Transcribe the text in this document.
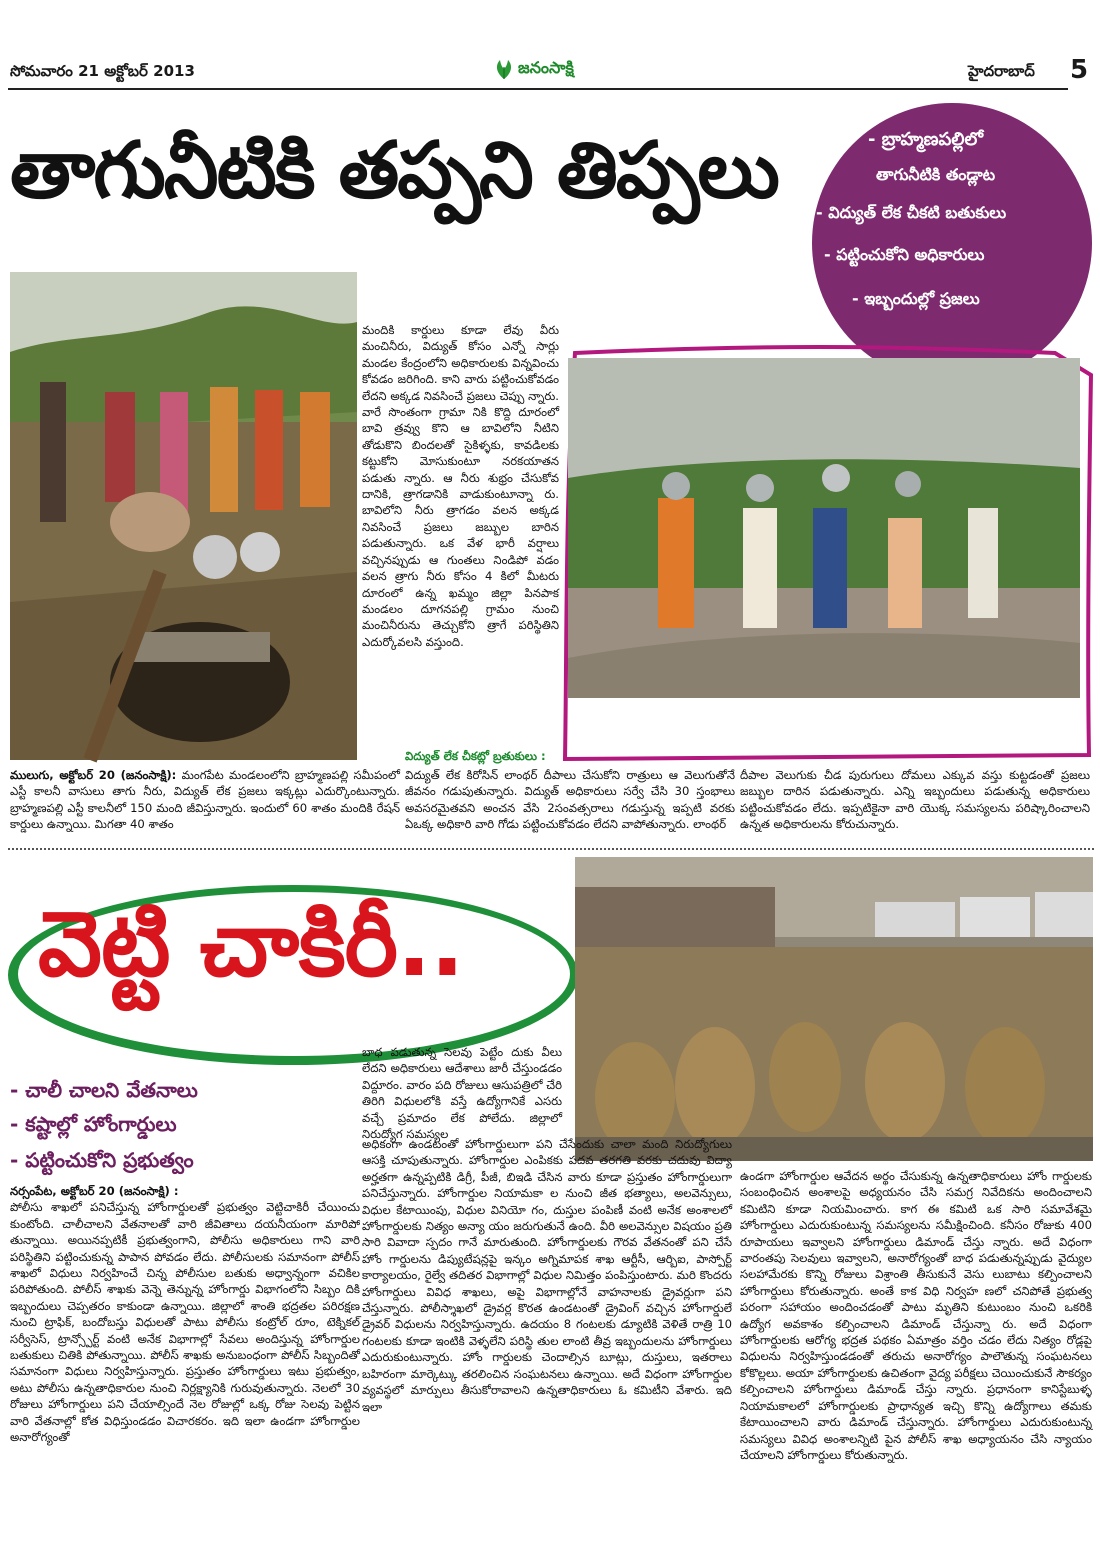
సోమవారం 21 అక్టోబర్ 2013	జనంసాక్షి	హైదరాబాద్ 5
తాగునీటికి తప్పని తిప్పలు	- బ్రాహ్మణపల్లిలో
తాగునీటికి తండ్లాట
- విద్యుత్ లేక చీకటి బతుకులు
- పట్టించుకోని అధికారులు
- ఇబ్బందుల్లో ప్రజలు

మందికి కార్డులు కూడా లేవు వీరు మంచినీరు, విద్యుత్ కోసం ఎన్నో సార్లు మండల కేంద్రంలోని అధికారులకు విన్నవించు కోవడం జరిగింది. కాని వారు పట్టించుకోవడం లేదని అక్కడ నివసించే ప్రజలు చెప్పు న్నారు. వారే సొంతంగా గ్రామా నికి కొద్ది దూరంలో బావి త్రవ్వు కొని ఆ బావిలోని నీటిని తోడుకొని బిందలతో సైకిళ్ళకు, కావడిలకు కట్టుకోని మోసుకుంటూ నరకయాతన పడుతు న్నారు. ఆ నీరు శుభ్రం చేసుకోవ దానికి, త్రాగడానికి వాడుకుంటూన్నా రు. బావిలోని నీరు త్రాగడం వలన అక్కడ నివసించే ప్రజలు జబ్బుల బారిన పడుతున్నారు. ఒక వేళ భారీ వర్షాలు వచ్చినప్పుడు ఆ గుంతలు నిండిపో వడం వలన త్రాగు నీరు కోసం 4 కిలో మీటరు దూరంలో ఉన్న ఖమ్మం జిల్లా పినపాక మండలం దూగనపల్లి గ్రామం నుంచి మంచినీరును తెచ్చుకోని త్రాగే పరిస్థితిని ఎదుర్కోవలసి వస్తుంది.

విద్యుత్ లేక చీకట్లో బ్రతుకులు :

విద్యుత్ లేక కిరోసిన్ లాంథర్ దీపాలు చేసుకోని రాత్రులు ఆ వెలుగుతోనే జీవనం గడుపుతున్నారు. విద్యుత్ అధికారులు సర్వే చేసి 30 స్తంభాలు అవసరమైతవని అంచన వేసి 2సంవత్సరాలు గడుస్తున్న ఇప్పటి వరకు ఏఒక్క అధికారి వారి గోడు పట్టించుకోవడం లేదని వాపోతున్నారు. లాంథర్

దీపాల వెలుగుకు చీడ పురుగులు దోమలు ఎక్కువ వస్తు కుట్టడంతో ప్రజలు జబ్బుల దారిన పడుతున్నారు. ఎన్ని ఇబ్బందులు పడుతున్న అధికారులు పట్టించుకోవడం లేదు. ఇప్పటికైనా వారి యొక్క సమస్యలను పరిష్కారించాలని ఉన్నత అధికారులను కోరుచున్నారు.

ములుగు, అక్టోబర్ 20 (జనంసాక్షి): మంగపేట మండలంలోని బ్రాహ్మణపల్లి సమీపంలో ఎస్టీ కాలనీ వాసులు తాగు నీరు, విద్యుత్ లేక ప్రజలు ఇక్కట్లు ఎదుర్కొంటున్నారు. బ్రాహ్మణపల్లి ఎస్టీ కాలనీలో 150 మంది జీవిస్తున్నారు. ఇందులో 60 శాతం మందికి రేషన్ కార్డులు ఉన్నాయి. మిగతా 40 శాతం

వెట్టి చాకిరీ..
- చాలీ చాలని వేతనాలు
- కష్టాల్లో హోంగార్డులు
- పట్టించుకోని ప్రభుత్వం

బాధ పడుతున్న సెలవు పెట్టేం దుకు వీలు లేదని అధికారులు ఆదేశాలు జారీ చేస్తుండడం విద్దూరం. వారం పది రోజులు ఆసుపత్రిలో చేరి తిరిగి విధులలోకి వస్తే ఉద్యోగానికే ఎసరు వచ్చే ప్రమాదం లేక పోలేదు. జిల్లాలో నిరుద్యోగ సమస్యల

నర్సంపేట, అక్టోబర్ 20 (జనంసాక్షి) :

పోలీసు శాఖలో పనిచేస్తున్న హోంగార్డులతో ప్రభుత్వం వెట్టిచాకిరీ చేయించు కుంటోంది. చాలీచాలని వేతనాలతో వారి జీవితాలు దయనీయంగా మారిపో తున్నాయి. అయినప్పటికీ ప్రభుత్వంగాని, పోలీసు అధికారులు గాని వారి పరిస్థితిని పట్టించుకున్న పాపాన పోవడం లేదు. పోలీసులకు సమానంగా పోలీస్ శాఖలో విధులు నిర్వహించే చిన్న పోలీసుల బతుకు అధ్వాన్నంగా వచికిల పరిపోతుంది. పోలీస్ శాఖకు వెన్నె తెన్నున్న హోంగార్డు విభాగంలోని సిబ్బం దికి ఇబ్బందులు చెప్పతరం కాకుండా ఉన్నాయి. జిల్లాలో శాంతి భద్రతల పరిరక్షణ నుంచి ట్రాఫిక్, బందోబస్తు విధులతో పాటు పోలీసు కంట్రోల్ రూం, టెక్నికల్ సర్వీసెస్, ట్రాన్స్పోర్ట్ వంటి అనేక విభాగాల్లో సేవలు అందిస్తున్న హోంగార్డుల బతుకులు చితికి పోతున్నాయి. పోలీస్ శాఖకు అనుబంధంగా పోలీస్ సిబ్బందితో సమానంగా విధులు నిర్వహిస్తున్నారు. ప్రస్తుతం హోంగార్డులు ఇటు ప్రభుత్వం, అటు పోలీసు ఉన్నతాధికారుల నుంచి నిర్లక్ష్యానికి గురువుతున్నారు. నెలలో 30 రోజులు హోంగార్డులు పని చేయాల్సిందే నెల రోజుల్లో ఒక్క రోజు సెలవు పెట్టిన వారి వేతనాల్లో కోత విధిస్తుండడం విచారకరం. ఇది ఇలా ఉండగా హోంగార్డుల అనారోగ్యంతో

అధికంగా ఉండటంతో హోంగార్డులుగా పని చేసేందుకు చాలా మంది నిరుద్యోగులు ఆసక్తి చూపుతున్నారు. హోంగార్డుల ఎంపికకు పదవ తరగతి వరకు చదువు విద్యా అర్హతగా ఉన్నప్పటికి డిగ్రీ, పీజీ, బిఇడి చేసిన వారు కూడా ప్రస్తుతం హోంగార్డులుగా పనిచేస్తున్నారు. హోంగార్డుల నియామకా ల నుంచి జీత భత్యాలు, అలవెన్సులు, విధుల కేటాయింపు, విధుల వినియో గం, దుస్తుల పంపిణీ వంటి అనేక అంశాలలో హోంగార్డులకు నిత్యం అన్యా యం జరుగుతునే ఉంది. వీరి అలవెన్సుల విషయం ప్రతి సారి వివాదా స్పదం గానే మారుతుంది. హోంగార్డులకు గౌరవ వేతనంతో పని చేసే హోం గార్డులను డిప్యుటేషన్లపై ఇన్కం అగ్నిమాపక శాఖ ఆర్టీసీ, ఆర్బిఐ, పాస్పోర్ట్ కార్యాలయం, రైల్వే తదితర విభాగాల్లో విధుల నిమిత్తం పంపిస్తుంటారు. మరి కొందరు హోంగార్డులు వివిధ శాఖలు, అపై విభాగాల్లోనే వాహనాలకు డ్రైవర్లుగా పని చేస్తున్నారు. పోలీస్శాఖలో డ్రైవర్ల కొరత ఉండటంతో డ్రైవింగ్ వచ్చిన హోంగార్డులే డ్రైవర్ విధులను నిర్వహిస్తున్నారు. ఉదయం 8 గంటలకు డ్యూటికి వెళితే రాత్రి 10 గంటలకు కూడా ఇంటికి వెళ్ళలేని పరిస్థి తుల లాంటి తీవ్ర ఇబ్బందులను హోంగార్డులు ఎదురుకుంటున్నారు. హోం గార్డులకు చెందాల్సిన బూట్లు, దుస్తులు, ఇతరాలు బహిరంగా మార్కెట్కు తరలించిన సంఘటనలు ఉన్నాయి. అదే విధంగా హోంగార్డుల వ్యవస్థలో మార్పులు తీసుకోరావాలని ఉన్నతాధికారులు ఓ కమిటీని వేశారు. ఇది ఇలా

ఉండగా హోంగార్డుల ఆవేదన అర్థం చేసుకున్న ఉన్నతాధికారులు హోం గార్డులకు సంబంధించిన అంశాలపై అధ్యయనం చేసి సమగ్ర నివేదికను అందించాలని కమిటిని కూడా నియమించారు. కాగ ఈ కమిటి ఒక సారి సమావేశమై హోంగార్డులు ఎదురుకుంటున్న సమస్యలను సమీక్షించింది. కనీసం రోజుకు 400 రూపాయలు ఇవ్వాలని హోంగార్డులు డిమాండ్ చేస్తు న్నారు. అదే విధంగా వారంతపు సెలవులు ఇవ్వాలని, అనారోగ్యంతో బాధ పడుతున్నప్పుడు వైద్యుల సలహామేరకు కొన్ని రోజులు విశ్రాంతి తీసుకునే వెసు లుబాటు కల్పించాలని హోంగార్డులు కోరుతున్నారు. అంతే కాక విధి నిర్వహ ణలో చనిపోతే ప్రభుత్వ పరంగా సహాయం అందించడంతో పాటు మృతిని కుటుంబం నుంచి ఒకరికి ఉద్యోగ అవకాశం కల్పించాలని డిమాండ్ చేస్తున్నా రు. అదే విధంగా హోంగార్డులకు ఆరోగ్య భద్రత పథకం ఏమాత్రం వర్తిం చడం లేదు నిత్యం రోడ్లపై విధులను నిర్వహిస్తుండడంతో తరుచు అనారోగ్యం పాలౌతున్న సంఘటనలు కోకొల్లలు. అయా హోంగార్డులకు ఉచితంగా వైద్య పరీక్షలు చెయించుకునే సౌకర్యం కల్పించాలని హోంగార్డులు డిమాండ్ చేస్తు న్నారు. ప్రధానంగా కానిస్టేబుళ్ళ నియామకాలలో హోంగార్డులకు ప్రాధాన్యత ఇచ్చి కొన్ని ఉద్యోగాలు తమకు కేటాయించాలని వారు డిమాండ్ చేస్తున్నారు. హోంగార్డులు ఎదురుకుంటున్న సమస్యలు వివిధ అంశాలన్నిటి పైన పోలీస్ శాఖ అధ్యాయనం చేసి న్యాయం చేయాలని హోంగార్డులు కోరుతున్నారు.
